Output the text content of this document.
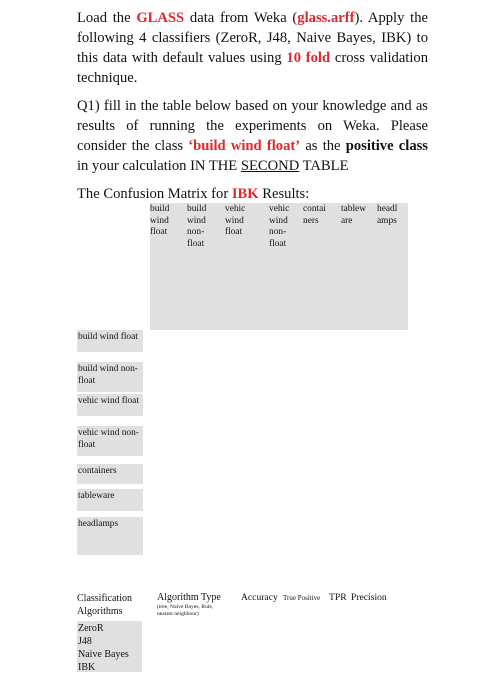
Load the GLASS data from Weka (glass.arff). Apply the following 4 classifiers (ZeroR, J48, Naive Bayes, IBK) to this data with default values using 10 fold cross validation technique.
Q1) fill in the table below based on your knowledge and as results of running the experiments on Weka. Please consider the class ‘build wind float’ as the positive class in your calculation IN THE SECOND TABLE
The Confusion Matrix for IBK Results:
build
wind
float
build
wind
non-
float
vehic
wind
float
vehic
wind
non-
float
contai
ners
tablew
are
headl
amps
build wind float
build wind non-
float
vehic wind float
vehic wind non-
float
containers
tableware
headlamps
Classification
Algorithms
Algorithm Type
(tree, Naive Bayes, Rule,
nearest neighbour)
Accuracy True Positive TPR Precision
ZeroR
J48
Naive Bayes
IBK
